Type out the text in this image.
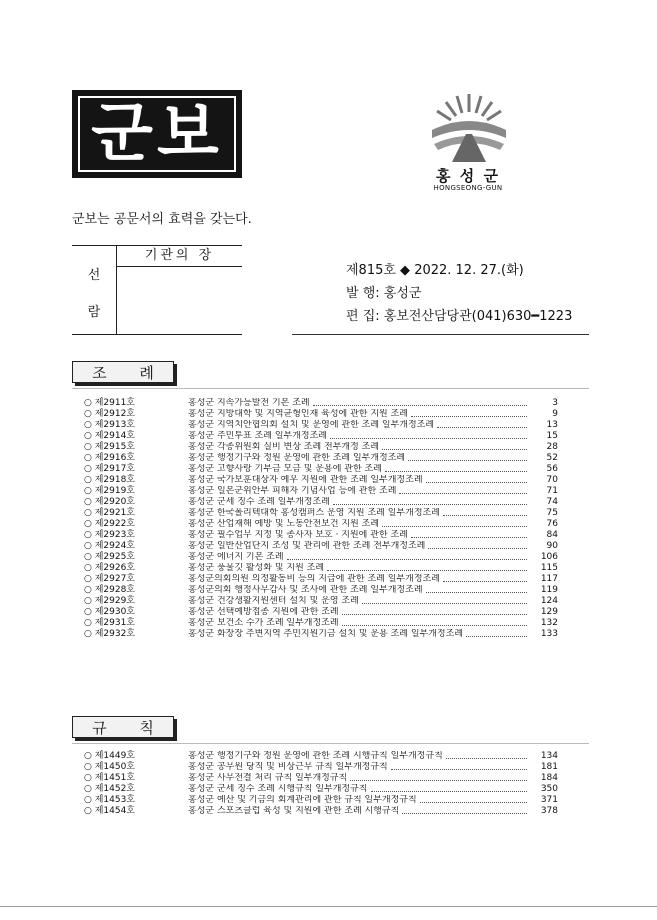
군보
홍 성 군
HONGSEONG-GUN
군보는 공문서의 효력을 갖는다.
선
람
기관의 장
제815호 ◆ 2022. 12. 27.(화)
발 행: 홍성군
편 집: 홍보전산담당관(041)630━1223
조 례
○ 제2911호	홍성군 지속가능발전 기본 조례	3
○ 제2912호	홍성군 지방대학 및 지역균형인재 육성에 관한 지원 조례	9
○ 제2913호	홍성군 지역치안협의회 설치 및 운영에 관한 조례 일부개정조례	13
○ 제2914호	홍성군 주민투표 조례 일부개정조례	15
○ 제2915호	홍성군 각종위원회 실비 변상 조례 전부개정 조례	28
○ 제2916호	홍성군 행정기구와 정원 운영에 관한 조례 일부개정조례	52
○ 제2917호	홍성군 고향사랑 기부금 모금 및 운용에 관한 조례	56
○ 제2918호	홍성군 국가보훈대상자 예우 지원에 관한 조례 일부개정조례	70
○ 제2919호	홍성군 일본군위안부 피해자 기념사업 등에 관한 조례	71
○ 제2920호	홍성군 군세 징수 조례 일부개정조례	74
○ 제2921호	홍성군 한국폴리텍대학 홍성캠퍼스 운영 지원 조례 일부개정조례	75
○ 제2922호	홍성군 산업재해 예방 및 노동안전보건 지원 조례	76
○ 제2923호	홍성군 필수업무 지정 및 종사자 보호 · 지원에 관한 조례	84
○ 제2924호	홍성군 일반산업단지 조성 및 관리에 관한 조례 전부개정조례	90
○ 제2925호	홍성군 에너지 기본 조례	106
○ 제2926호	홍성군 풍물깃 활성화 및 지원 조례	115
○ 제2927호	홍성군의회의원 의정활동비 등의 지급에 관한 조례 일부개정조례	117
○ 제2928호	홍성군의회 행정사무감사 및 조사에 관한 조례 일부개정조례	119
○ 제2929호	홍성군 건강생활지원센터 설치 및 운영 조례	124
○ 제2930호	홍성군 선택예방접종 지원에 관한 조례	129
○ 제2931호	홍성군 보건소 수가 조례 일부개정조례	132
○ 제2932호	홍성군 화장장 주변지역 주민지원기금 설치 및 운용 조례 일부개정조례	133
규 칙
○ 제1449호	홍성군 행정기구와 정원 운영에 관한 조례 시행규칙 일부개정규칙	134
○ 제1450호	홍성군 공무원 당직 및 비상근무 규칙 일부개정규칙	181
○ 제1451호	홍성군 사무전결 처리 규칙 일부개정규칙	184
○ 제1452호	홍성군 군세 징수 조례 시행규칙 일부개정규칙	350
○ 제1453호	홍성군 예산 및 기금의 회계관리에 관한 규칙 일부개정규칙	371
○ 제1454호	홍성군 스포츠클럽 육성 및 지원에 관한 조례 시행규칙	378
